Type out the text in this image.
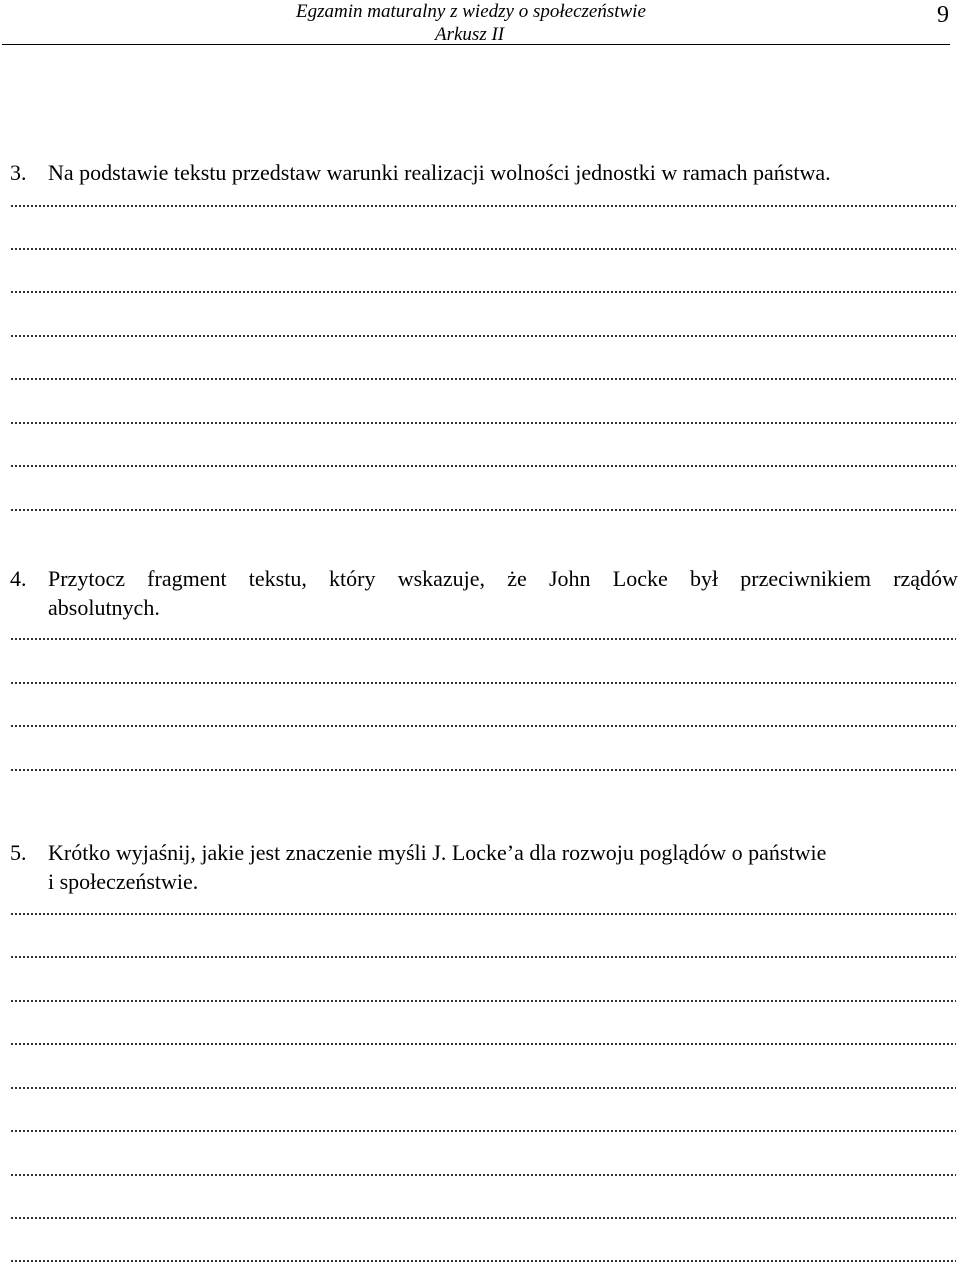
Egzamin maturalny z wiedzy o społeczeństwie
Arkusz II
9
3. Na podstawie tekstu przedstaw warunki realizacji wolności jednostki w ramach państwa.
4. Przytocz fragment tekstu, który wskazuje, że John Locke był przeciwnikiem rządów
absolutnych.
5. Krótko wyjaśnij, jakie jest znaczenie myśli J. Locke’a dla rozwoju poglądów o państwie
i społeczeństwie.
